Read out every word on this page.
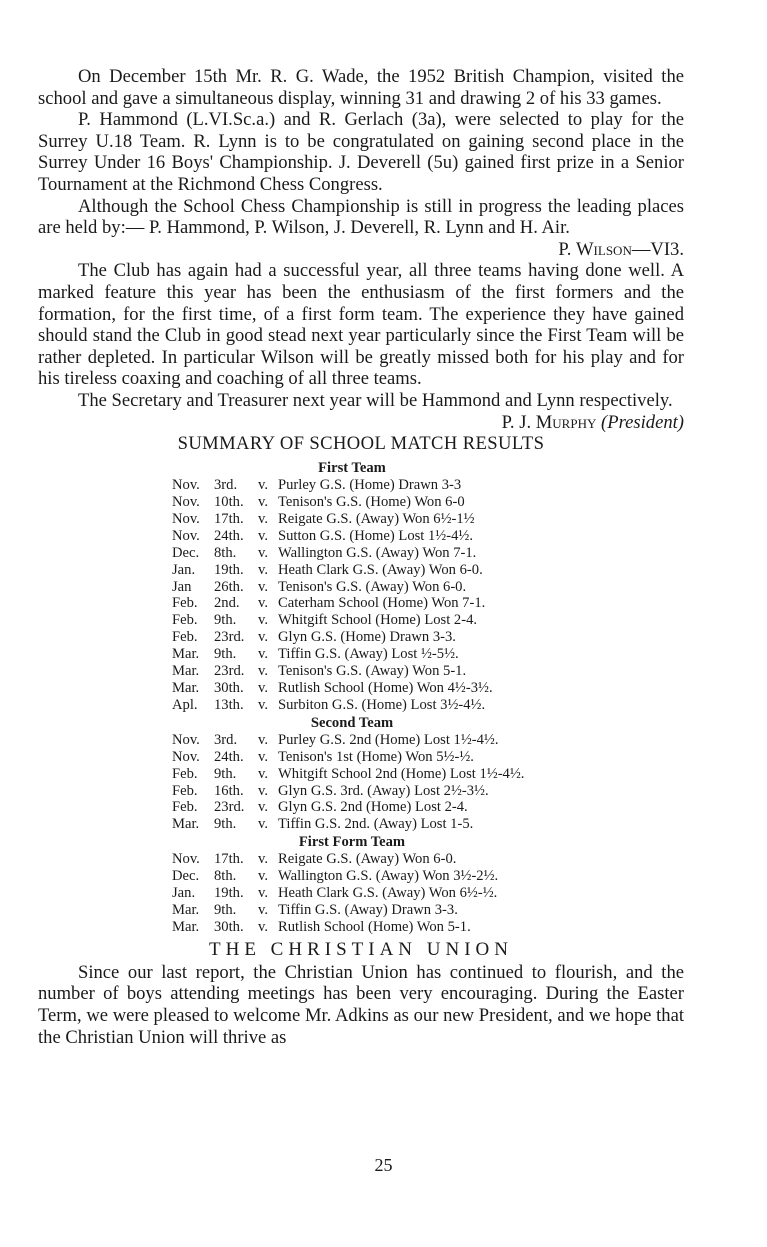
On December 15th Mr. R. G. Wade, the 1952 British Champion, visited the school and gave a simultaneous display, winning 31 and drawing 2 of his 33 games.

P. Hammond (L.VI.Sc.a.) and R. Gerlach (3a), were selected to play for the Surrey U.18 Team. R. Lynn is to be congratulated on gaining second place in the Surrey Under 16 Boys' Championship. J. Deverell (5u) gained first prize in a Senior Tournament at the Richmond Chess Congress.

Although the School Chess Championship is still in progress the leading places are held by:— P. Hammond, P. Wilson, J. Deverell, R. Lynn and H. Air.
P. Wilson—VI3.

The Club has again had a successful year, all three teams having done well. A marked feature this year has been the enthusiasm of the first formers and the formation, for the first time, of a first form team. The experience they have gained should stand the Club in good stead next year particularly since the First Team will be rather depleted. In particular Wilson will be greatly missed both for his play and for his tireless coaxing and coaching of all three teams.

The Secretary and Treasurer next year will be Hammond and Lynn respectively.
P. J. Murphy (President)

SUMMARY OF SCHOOL MATCH RESULTS
First Team
Nov. 3rd. v. Purley G.S. (Home) Drawn 3-3
Nov. 10th. v. Tenison's G.S. (Home) Won 6-0
Nov. 17th. v. Reigate G.S. (Away) Won 6½-1½
Nov. 24th. v. Sutton G.S. (Home) Lost 1½-4½.
Dec. 8th. v. Wallington G.S. (Away) Won 7-1.
Jan. 19th. v. Heath Clark G.S. (Away) Won 6-0.
Jan 26th. v. Tenison's G.S. (Away) Won 6-0.
Feb. 2nd. v. Caterham School (Home) Won 7-1.
Feb. 9th. v. Whitgift School (Home) Lost 2-4.
Feb. 23rd. v. Glyn G.S. (Home) Drawn 3-3.
Mar. 9th. v. Tiffin G.S. (Away) Lost ½-5½.
Mar. 23rd. v. Tenison's G.S. (Away) Won 5-1.
Mar. 30th. v. Rutlish School (Home) Won 4½-3½.
Apl. 13th. v. Surbiton G.S. (Home) Lost 3½-4½.
Second Team
Nov. 3rd. v. Purley G.S. 2nd (Home) Lost 1½-4½.
Nov. 24th. v. Tenison's 1st (Home) Won 5½-½.
Feb. 9th. v. Whitgift School 2nd (Home) Lost 1½-4½.
Feb. 16th. v. Glyn G.S. 3rd. (Away) Lost 2½-3½.
Feb. 23rd. v. Glyn G.S. 2nd (Home) Lost 2-4.
Mar. 9th. v. Tiffin G.S. 2nd. (Away) Lost 1-5.
First Form Team
Nov. 17th. v. Reigate G.S. (Away) Won 6-0.
Dec. 8th. v. Wallington G.S. (Away) Won 3½-2½.
Jan. 19th. v. Heath Clark G.S. (Away) Won 6½-½.
Mar. 9th. v. Tiffin G.S. (Away) Drawn 3-3.
Mar. 30th. v. Rutlish School (Home) Won 5-1.
THE CHRISTIAN UNION

Since our last report, the Christian Union has continued to flourish, and the number of boys attending meetings has been very encouraging. During the Easter Term, we were pleased to welcome Mr. Adkins as our new President, and we hope that the Christian Union will thrive as

25
